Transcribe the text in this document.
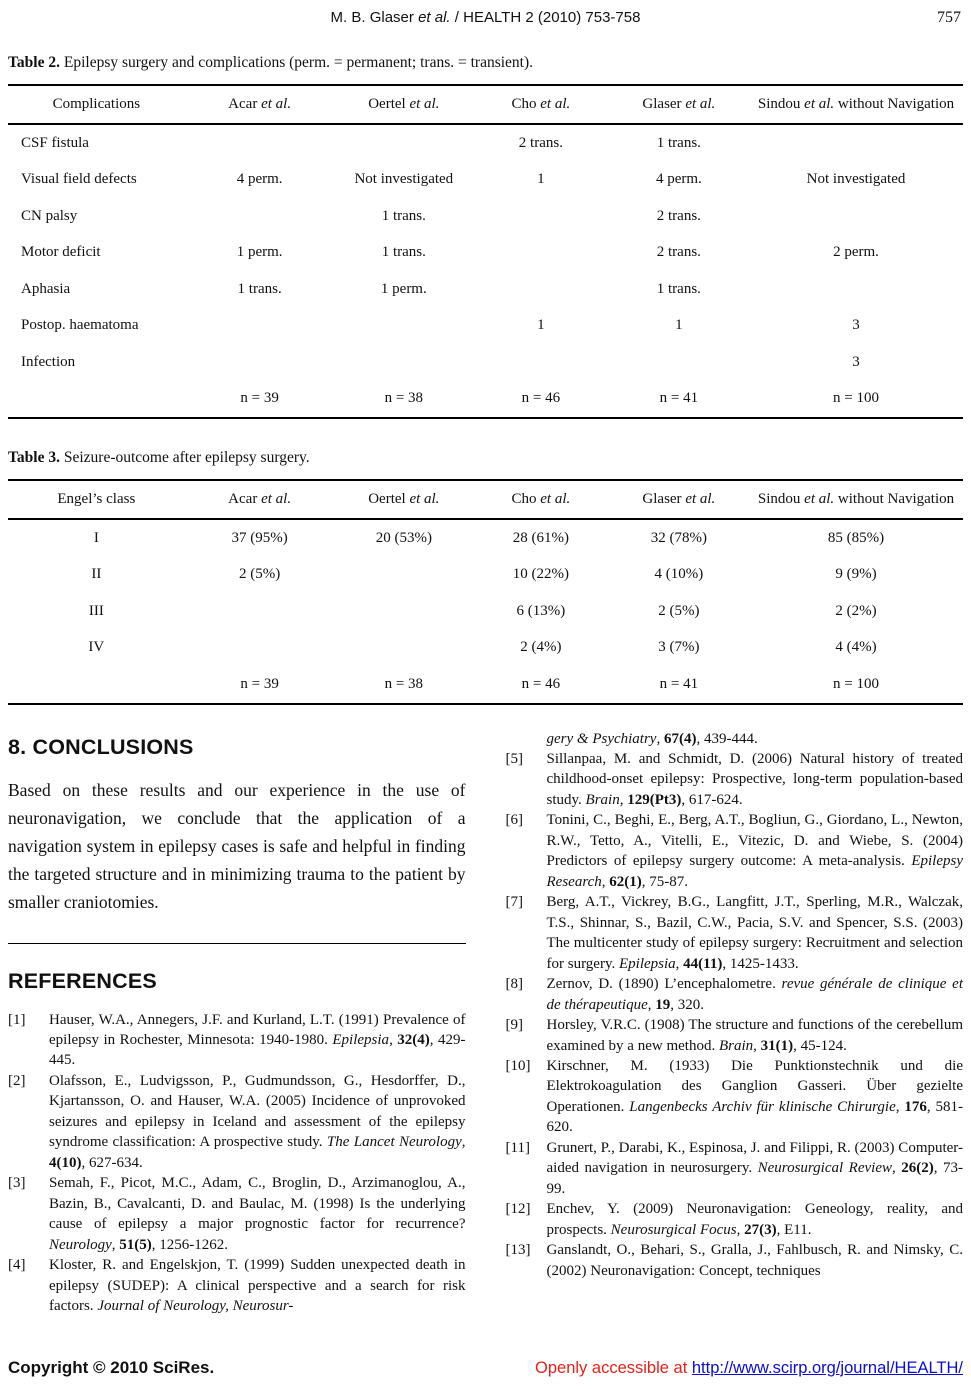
M. B. Glaser et al. / HEALTH 2 (2010) 753-758	757
Table 2. Epilepsy surgery and complications (perm. = permanent; trans. = transient).
Complications	Acar et al.	Oertel et al.	Cho et al.	Glaser et al.	Sindou et al. without Navigation
CSF fistula			2 trans.	1 trans.	
Visual field defects	4 perm.	Not investigated	1	4 perm.	Not investigated
CN palsy		1 trans.		2 trans.	
Motor deficit	1 perm.	1 trans.		2 trans.	2 perm.
Aphasia	1 trans.	1 perm.		1 trans.	
Postop. haematoma			1	1	3
Infection					3
	n = 39	n = 38	n = 46	n = 41	n = 100
Table 3. Seizure-outcome after epilepsy surgery.
Engel’s class	Acar et al.	Oertel et al.	Cho et al.	Glaser et al.	Sindou et al. without Navigation
I	37 (95%)	20 (53%)	28 (61%)	32 (78%)	85 (85%)
II	2 (5%)		10 (22%)	4 (10%)	9 (9%)
III			6 (13%)	2 (5%)	2 (2%)
IV			2 (4%)	3 (7%)	4 (4%)
	n = 39	n = 38	n = 46	n = 41	n = 100
8. CONCLUSIONS

Based on these results and our experience in the use of neuronavigation, we conclude that the application of a navigation system in epilepsy cases is safe and helpful in finding the targeted structure and in minimizing trauma to the patient by smaller craniotomies.

REFERENCES
[1]	Hauser, W.A., Annegers, J.F. and Kurland, L.T. (1991) Prevalence of epilepsy in Rochester, Minnesota: 1940-1980. Epilepsia, 32(4), 429-445.
[2]	Olafsson, E., Ludvigsson, P., Gudmundsson, G., Hesdorffer, D., Kjartansson, O. and Hauser, W.A. (2005) Incidence of unprovoked seizures and epilepsy in Iceland and assessment of the epilepsy syndrome classification: A prospective study. The Lancet Neurology, 4(10), 627-634.
[3]	Semah, F., Picot, M.C., Adam, C., Broglin, D., Arzimanoglou, A., Bazin, B., Cavalcanti, D. and Baulac, M. (1998) Is the underlying cause of epilepsy a major prognostic factor for recurrence? Neurology, 51(5), 1256-1262.
[4]	Kloster, R. and Engelskjon, T. (1999) Sudden unexpected death in epilepsy (SUDEP): A clinical perspective and a search for risk factors. Journal of Neurology, Neurosur-
gery & Psychiatry, 67(4), 439-444.
[5]	Sillanpaa, M. and Schmidt, D. (2006) Natural history of treated childhood-onset epilepsy: Prospective, long-term population-based study. Brain, 129(Pt3), 617-624.
[6]	Tonini, C., Beghi, E., Berg, A.T., Bogliun, G., Giordano, L., Newton, R.W., Tetto, A., Vitelli, E., Vitezic, D. and Wiebe, S. (2004) Predictors of epilepsy surgery outcome: A meta-analysis. Epilepsy Research, 62(1), 75-87.
[7]	Berg, A.T., Vickrey, B.G., Langfitt, J.T., Sperling, M.R., Walczak, T.S., Shinnar, S., Bazil, C.W., Pacia, S.V. and Spencer, S.S. (2003) The multicenter study of epilepsy surgery: Recruitment and selection for surgery. Epilepsia, 44(11), 1425-1433.
[8]	Zernov, D. (1890) L’encephalometre. revue générale de clinique et de thérapeutique, 19, 320.
[9]	Horsley, V.R.C. (1908) The structure and functions of the cerebellum examined by a new method. Brain, 31(1), 45-124.
[10]	Kirschner, M. (1933) Die Punktionstechnik und die Elektrokoagulation des Ganglion Gasseri. Über gezielte Operationen. Langenbecks Archiv für klinische Chirurgie, 176, 581-620.
[11]	Grunert, P., Darabi, K., Espinosa, J. and Filippi, R. (2003) Computer-aided navigation in neurosurgery. Neurosurgical Review, 26(2), 73-99.
[12]	Enchev, Y. (2009) Neuronavigation: Geneology, reality, and prospects. Neurosurgical Focus, 27(3), E11.
[13]	Ganslandt, O., Behari, S., Gralla, J., Fahlbusch, R. and Nimsky, C. (2002) Neuronavigation: Concept, techniques
Copyright © 2010 SciRes.	Openly accessible at http://www.scirp.org/journal/HEALTH/
